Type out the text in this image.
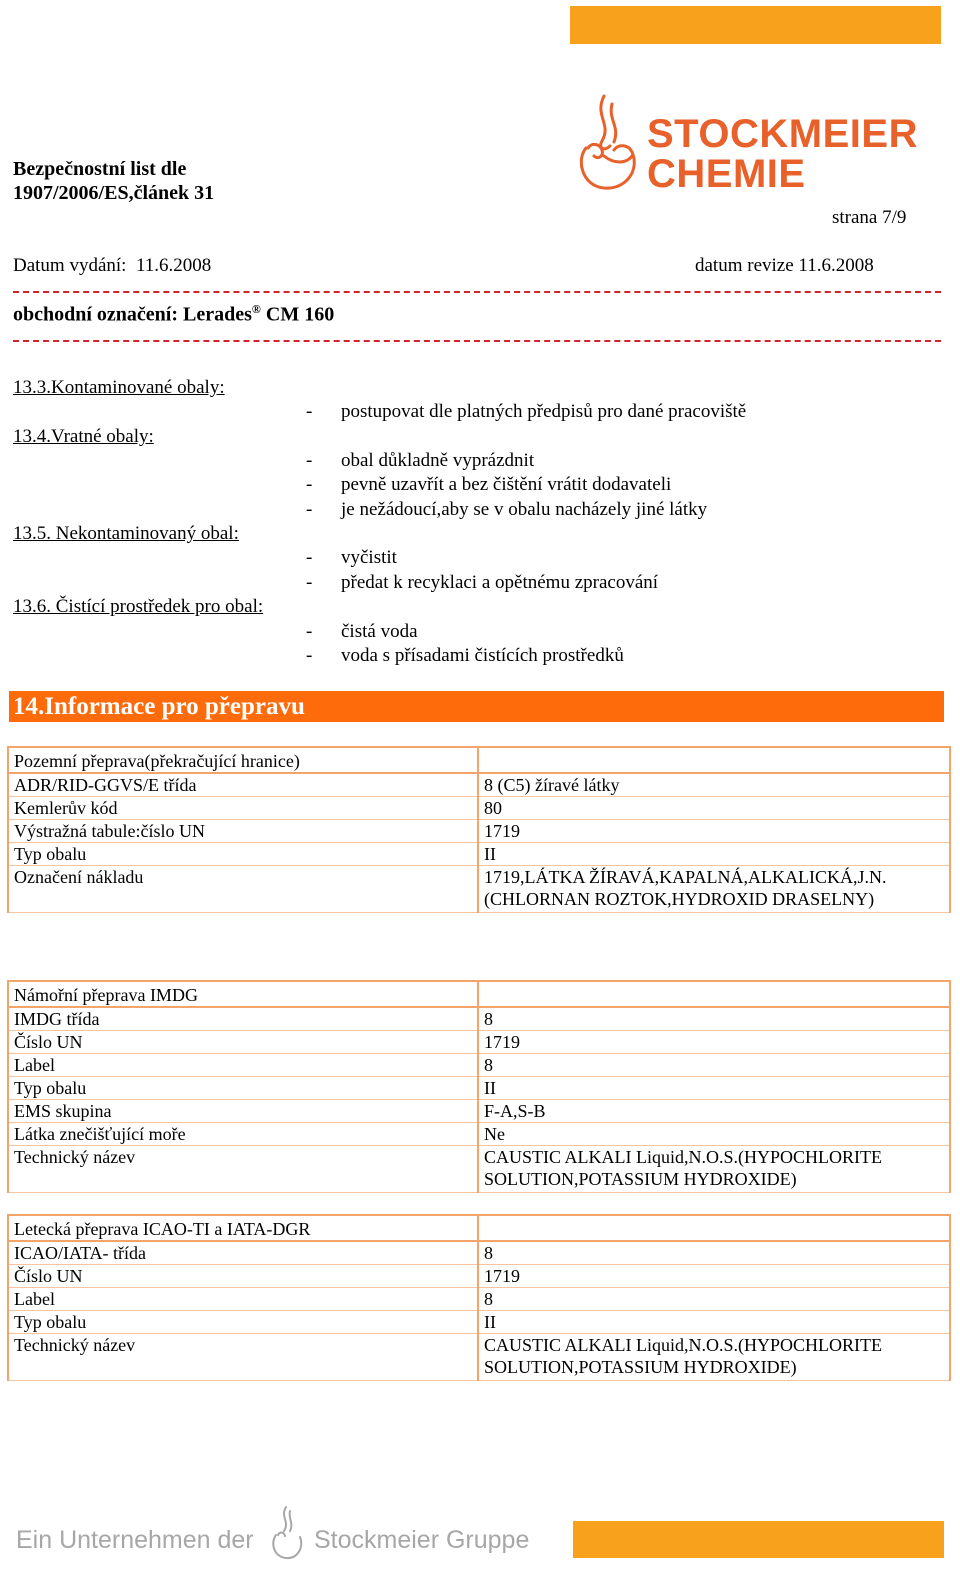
Bezpečnostní list dle
1907/2006/ES,článek 31
STOCKMEIER
CHEMIE
strana 7/9
Datum vydání:  11.6.2008	datum revize 11.6.2008
obchodní označení: Lerades® CM 160
13.3.Kontaminované obaly:
- postupovat dle platných předpisů pro dané pracoviště
13.4.Vratné obaly:
- obal důkladně vyprázdnit
- pevně uzavřít a bez čištění vrátit dodavateli
- je nežádoucí,aby se v obalu nacházely jiné látky
13.5. Nekontaminovaný obal:
- vyčistit
- předat k recyklaci a opětnému zpracování
13.6. Čistící prostředek pro obal:
- čistá voda
- voda s přísadami čistících prostředků
14.Informace pro přepravu
Pozemní přeprava(překračující hranice)	
ADR/RID-GGVS/E třída	8 (C5) žíravé látky
Kemlerův kód	80
Výstražná tabule:číslo UN	1719
Typ obalu	II
Označení nákladu	1719,LÁTKA ŽÍRAVÁ,KAPALNÁ,ALKALICKÁ,J.N.(CHLORNAN ROZTOK,HYDROXID DRASELNY)
Námořní přeprava IMDG	
IMDG třída	8
Číslo UN	1719
Label	8
Typ obalu	II
EMS skupina	F-A,S-B
Látka znečišťující moře	Ne
Technický název	CAUSTIC ALKALI Liquid,N.O.S.(HYPOCHLORITE SOLUTION,POTASSIUM HYDROXIDE)
Letecká přeprava ICAO-TI a IATA-DGR	
ICAO/IATA- třída	8
Číslo UN	1719
Label	8
Typ obalu	II
Technický název	CAUSTIC ALKALI Liquid,N.O.S.(HYPOCHLORITE SOLUTION,POTASSIUM HYDROXIDE)
Ein Unternehmen der Stockmeier Gruppe
